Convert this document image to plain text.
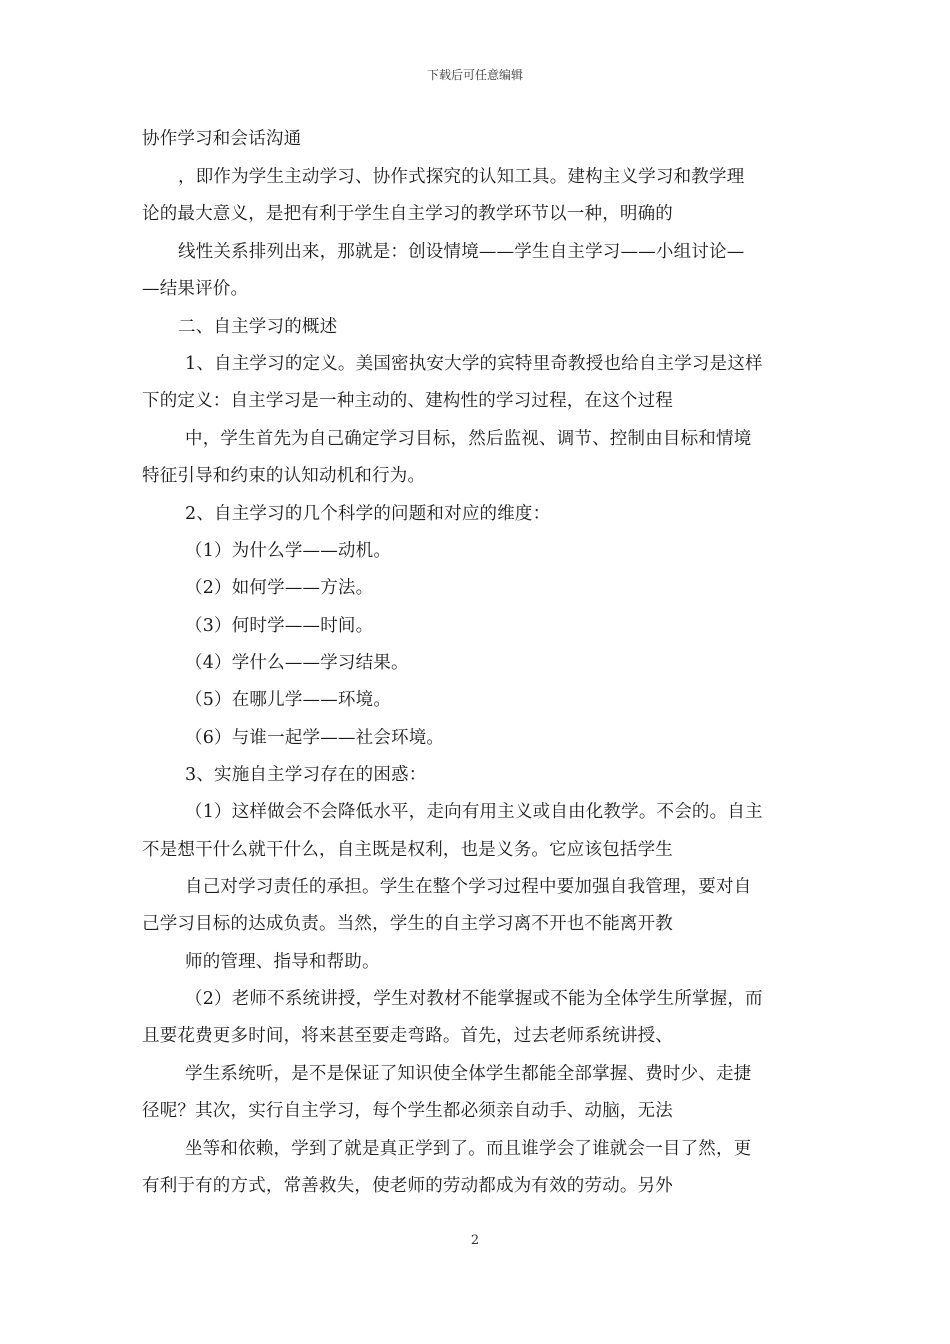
下载后可任意编辑
协作学习和会话沟通
，即作为学生主动学习、协作式探究的认知工具。建构主义学习和教学理
论的最大意义，是把有利于学生自主学习的教学环节以一种，明确的
线性关系排列出来，那就是：创设情境——学生自主学习——小组讨论—
—结果评价。
二、自主学习的概述
1、自主学习的定义。美国密执安大学的宾特里奇教授也给自主学习是这样
下的定义：自主学习是一种主动的、建构性的学习过程，在这个过程
中，学生首先为自己确定学习目标，然后监视、调节、控制由目标和情境
特征引导和约束的认知动机和行为。
2、自主学习的几个科学的问题和对应的维度：
（1）为什么学——动机。
（2）如何学——方法。
（3）何时学——时间。
（4）学什么——学习结果。
（5）在哪儿学——环境。
（6）与谁一起学——社会环境。
3、实施自主学习存在的困惑：
（1）这样做会不会降低水平，走向有用主义或自由化教学。不会的。自主
不是想干什么就干什么，自主既是权利，也是义务。它应该包括学生
自己对学习责任的承担。学生在整个学习过程中要加强自我管理，要对自
己学习目标的达成负责。当然，学生的自主学习离不开也不能离开教
师的管理、指导和帮助。
（2）老师不系统讲授，学生对教材不能掌握或不能为全体学生所掌握，而
且要花费更多时间，将来甚至要走弯路。首先，过去老师系统讲授、
学生系统听，是不是保证了知识使全体学生都能全部掌握、费时少、走捷
径呢？其次，实行自主学习，每个学生都必须亲自动手、动脑，无法
坐等和依赖，学到了就是真正学到了。而且谁学会了谁就会一目了然，更
有利于有的方式，常善救失，使老师的劳动都成为有效的劳动。另外
2
